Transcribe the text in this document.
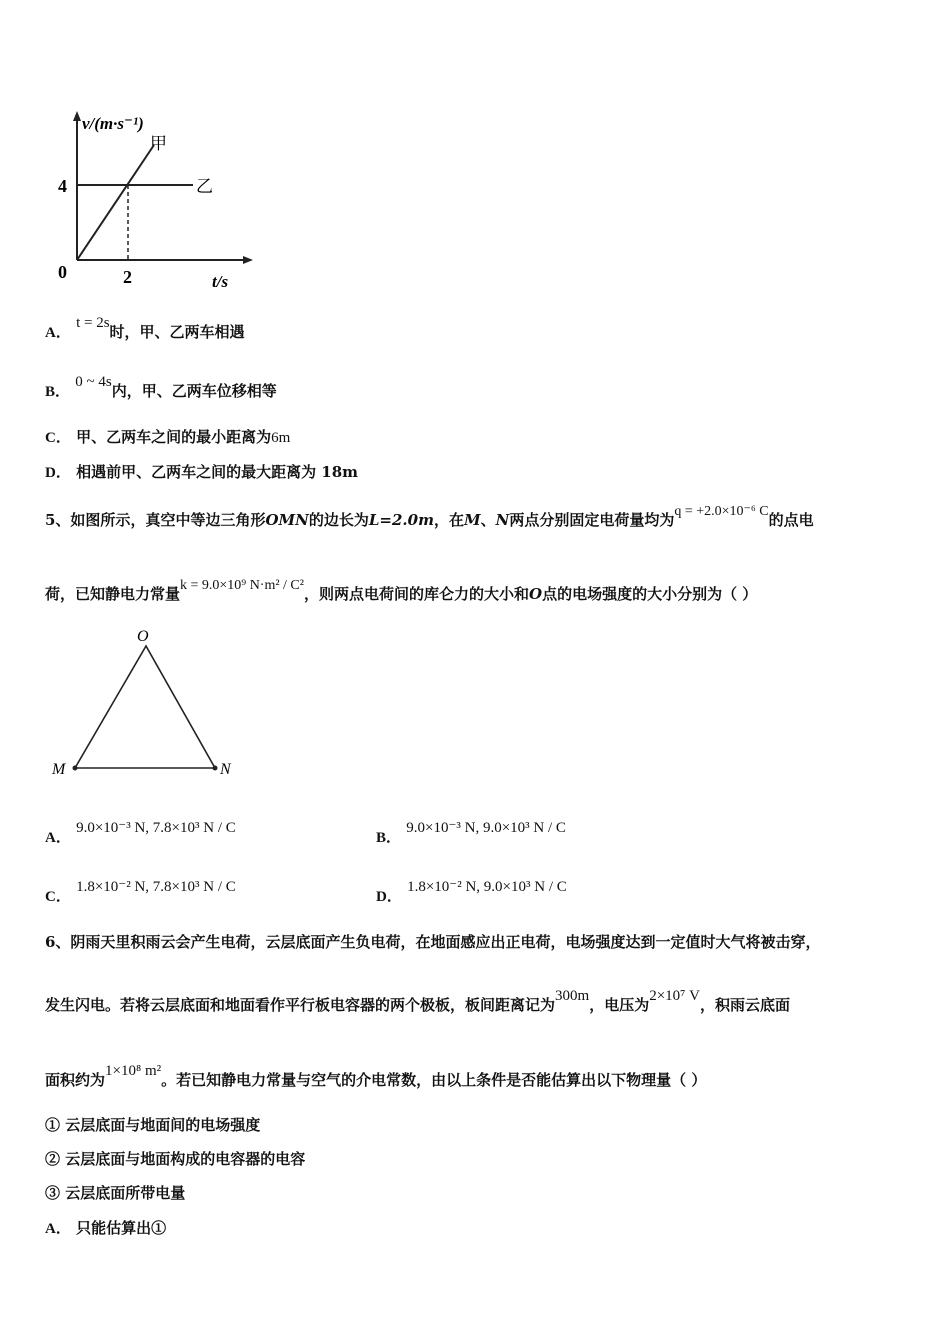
v/(m·s⁻¹)
甲
乙
4
0	2	t/s
A． t = 2s时，甲、乙两车相遇
B． 0 ~ 4s内，甲、乙两车位移相等
C． 甲、乙两车之间的最小距离为6m
D． 相遇前甲、乙两车之间的最大距离为 18m
5、如图所示，真空中等边三角形OMN的边长为L=2.0m，在M、N两点分别固定电荷量均为q = +2.0×10⁻⁶ C的点电
荷，已知静电力常量k = 9.0×10⁹ N·m² / C²，则两点电荷间的库仑力的大小和O点的电场强度的大小分别为（ ）
O
M	N
A． 9.0×10⁻³ N, 7.8×10³ N / C
B． 9.0×10⁻³ N, 9.0×10³ N / C
C． 1.8×10⁻² N, 7.8×10³ N / C
D． 1.8×10⁻² N, 9.0×10³ N / C
6、阴雨天里积雨云会产生电荷，云层底面产生负电荷，在地面感应出正电荷，电场强度达到一定值时大气将被击穿，
发生闪电。若将云层底面和地面看作平行板电容器的两个极板，板间距离记为300m，电压为2×10⁷ V，积雨云底面
面积约为1×10⁸ m²。若已知静电力常量与空气的介电常数，由以上条件是否能估算出以下物理量（ ）
① 云层底面与地面间的电场强度
② 云层底面与地面构成的电容器的电容
③ 云层底面所带电量
A． 只能估算出①
